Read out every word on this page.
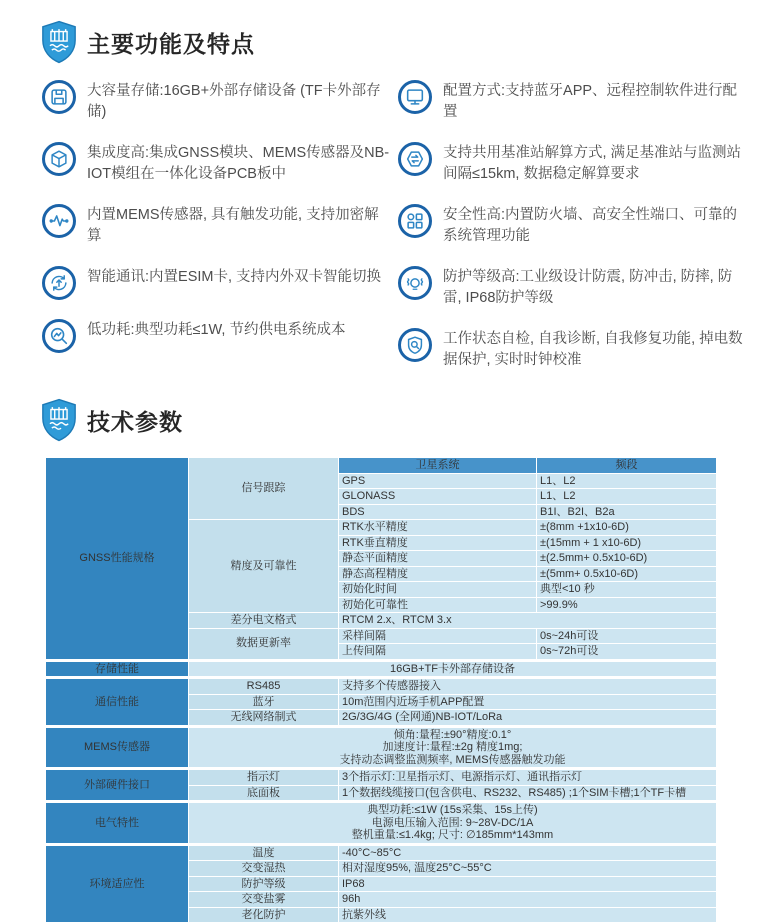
主要功能及特点
大容量存储:16GB+外部存储设备 (TF卡外部存储)
集成度高:集成GNSS模块、MEMS传感器及NB-IOT模组在一体化设备PCB板中
内置MEMS传感器, 具有触发功能, 支持加密解算
智能通讯:内置ESIM卡, 支持内外双卡智能切换
低功耗:典型功耗≤1W, 节约供电系统成本
配置方式:支持蓝牙APP、远程控制软件进行配置
支持共用基准站解算方式, 满足基准站与监测站间隔≤15km, 数据稳定解算要求
安全性高:内置防火墙、高安全性端口、可靠的系统管理功能
防护等级高:工业级设计防震, 防冲击, 防摔, 防雷, IP68防护等级
工作状态自检, 自我诊断, 自我修复功能, 掉电数据保护, 实时时钟校准
技术参数
GNSS性能规格	信号跟踪	卫星系统	频段
		GPS	L1、L2
		GLONASS	L1、L2
		BDS	B1I、B2I、B2a
	精度及可靠性	RTK水平精度	±(8mm +1x10-6D)
		RTK垂直精度	±(15mm + 1 x10-6D)
		静态平面精度	±(2.5mm+ 0.5x10-6D)
		静态高程精度	±(5mm+ 0.5x10-6D)
		初始化时间	典型<10 秒
		初始化可靠性	>99.9%
	差分电文格式	RTCM 2.x、RTCM 3.x	
	数据更新率	采样间隔	0s~24h可设
		上传间隔	0s~72h可设
存储性能	16GB+TF卡外部存储设备		
通信性能	RS485	支持多个传感器接入	
	蓝牙	10m范围内近场手机APP配置	
	无线网络制式	2G/3G/4G (全网通)NB-IOT/LoRa	
MEMS传感器	倾角:量程:±90°精度:0.1°
加速度计:量程:±2g 精度1mg;
支持动态调整监测频率, MEMS传感器触发功能		

外部硬件接口	指示灯	3个指示灯:卫星指示灯、电源指示灯、通讯指示灯	
	底面板	1个数据线缆接口(包含供电、RS232、RS485) ;1个SIM卡槽;1个TF卡槽	
电气特性	典型功耗:≤1W (15s采集、15s上传)
电源电压输入范围: 9~28V-DC/1A
整机重量:≤1.4kg; 尺寸: ∅185mm*143mm		

环境适应性	温度	-40°C~85°C	
	交变湿热	相对湿度95%, 温度25°C~55°C	
	防护等级	IP68	
	交变盐雾	96h	
	老化防护	抗紫外线	
